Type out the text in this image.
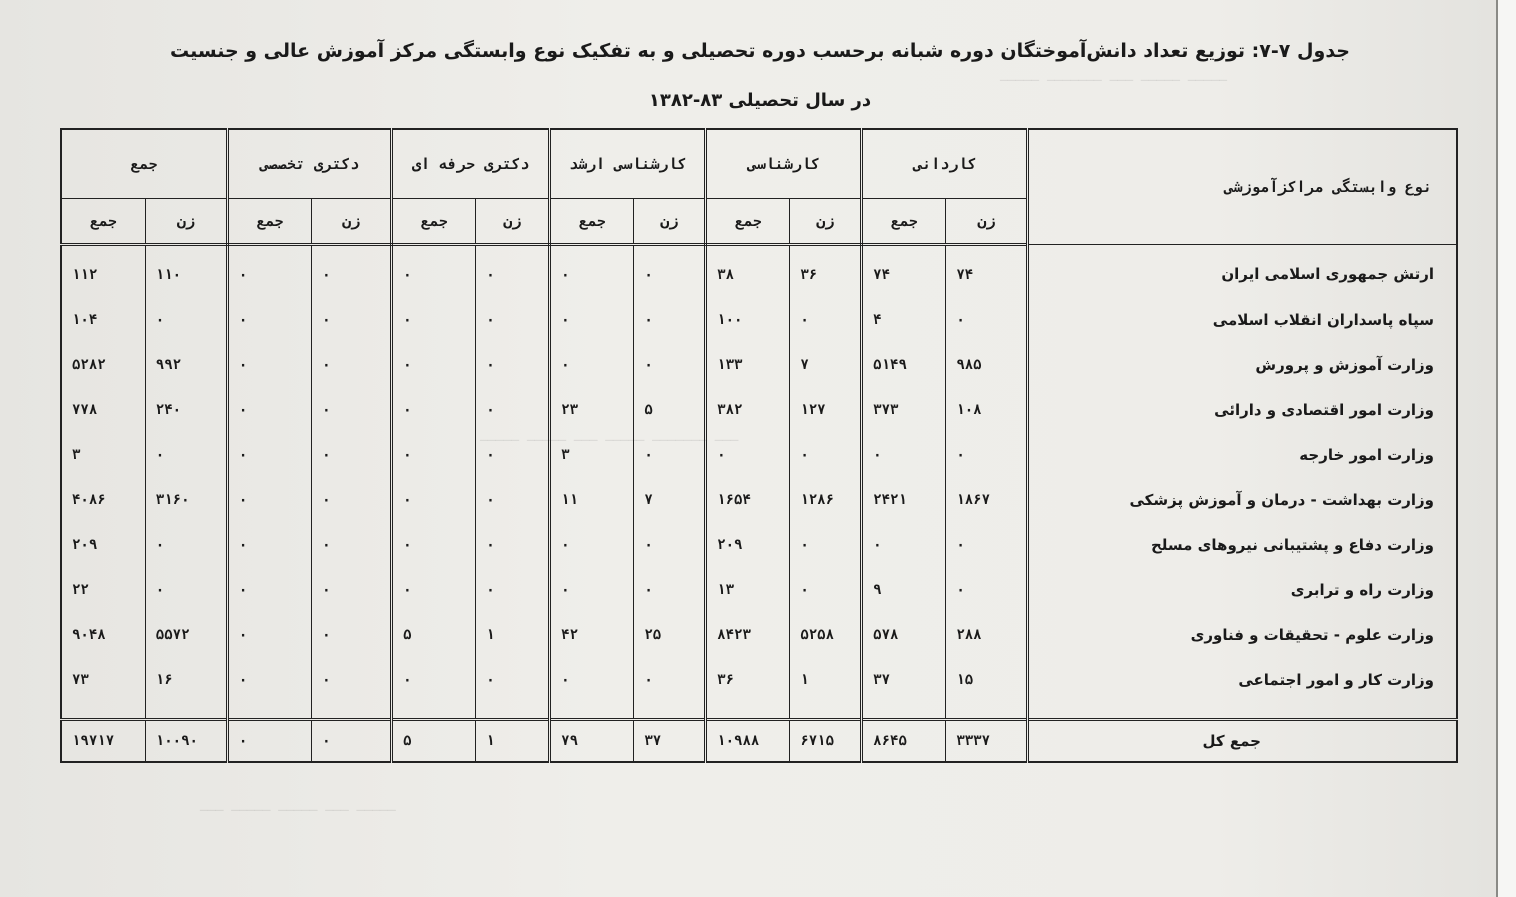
ـــــ ـــــ ـــ ـــــــ ـــــ
ـــ ـــــــ ـــــ ـــ ـــــ ـــــ
ـــــ ـــ ـــــ ـــــ ـــ
جدول ۷-۷: توزیع تعداد دانش‌آموختگان دوره شبانه برحسب دوره تحصیلی و به تفکیک نوع وابستگی مرکز آموزش عالی و جنسیت
در سال تحصیلی ۸۳-۱۳۸۲
نوع وابستگی مراکزآموزشی	کاردانی		کارشناسی		کارشناسی ارشد		دکتری حرفه ای		دکتری تخصصی		جمع	
	زن	جمع	زن	جمع	زن	جمع	زن	جمع	زن	جمع	زن	جمع
ارتش جمهوری اسلامی ایران	۷۴	۷۴	۳۶	۳۸	۰	۰	۰	۰	۰	۰	۱۱۰	۱۱۲
سپاه پاسداران انقلاب اسلامی	۰	۴	۰	۱۰۰	۰	۰	۰	۰	۰	۰	۰	۱۰۴
وزارت آموزش و پرورش	۹۸۵	۵۱۴۹	۷	۱۳۳	۰	۰	۰	۰	۰	۰	۹۹۲	۵۲۸۲
وزارت امور اقتصادی و دارائی	۱۰۸	۳۷۳	۱۲۷	۳۸۲	۵	۲۳	۰	۰	۰	۰	۲۴۰	۷۷۸
وزارت امور خارجه	۰	۰	۰	۰	۰	۳	۰	۰	۰	۰	۰	۳
وزارت بهداشت - درمان و آموزش پزشکی	۱۸۶۷	۲۴۲۱	۱۲۸۶	۱۶۵۴	۷	۱۱	۰	۰	۰	۰	۳۱۶۰	۴۰۸۶
وزارت دفاع و پشتیبانی نیروهای مسلح	۰	۰	۰	۲۰۹	۰	۰	۰	۰	۰	۰	۰	۲۰۹
وزارت راه و ترابری	۰	۹	۰	۱۳	۰	۰	۰	۰	۰	۰	۰	۲۲
وزارت علوم - تحقیقات و فناوری	۲۸۸	۵۷۸	۵۲۵۸	۸۴۲۳	۲۵	۴۲	۱	۵	۰	۰	۵۵۷۲	۹۰۴۸
وزارت کار و امور اجتماعی	۱۵	۳۷	۱	۳۶	۰	۰	۰	۰	۰	۰	۱۶	۷۳

جمع کل	۳۳۳۷	۸۶۴۵	۶۷۱۵	۱۰۹۸۸	۳۷	۷۹	۱	۵	۰	۰	۱۰۰۹۰	۱۹۷۱۷
